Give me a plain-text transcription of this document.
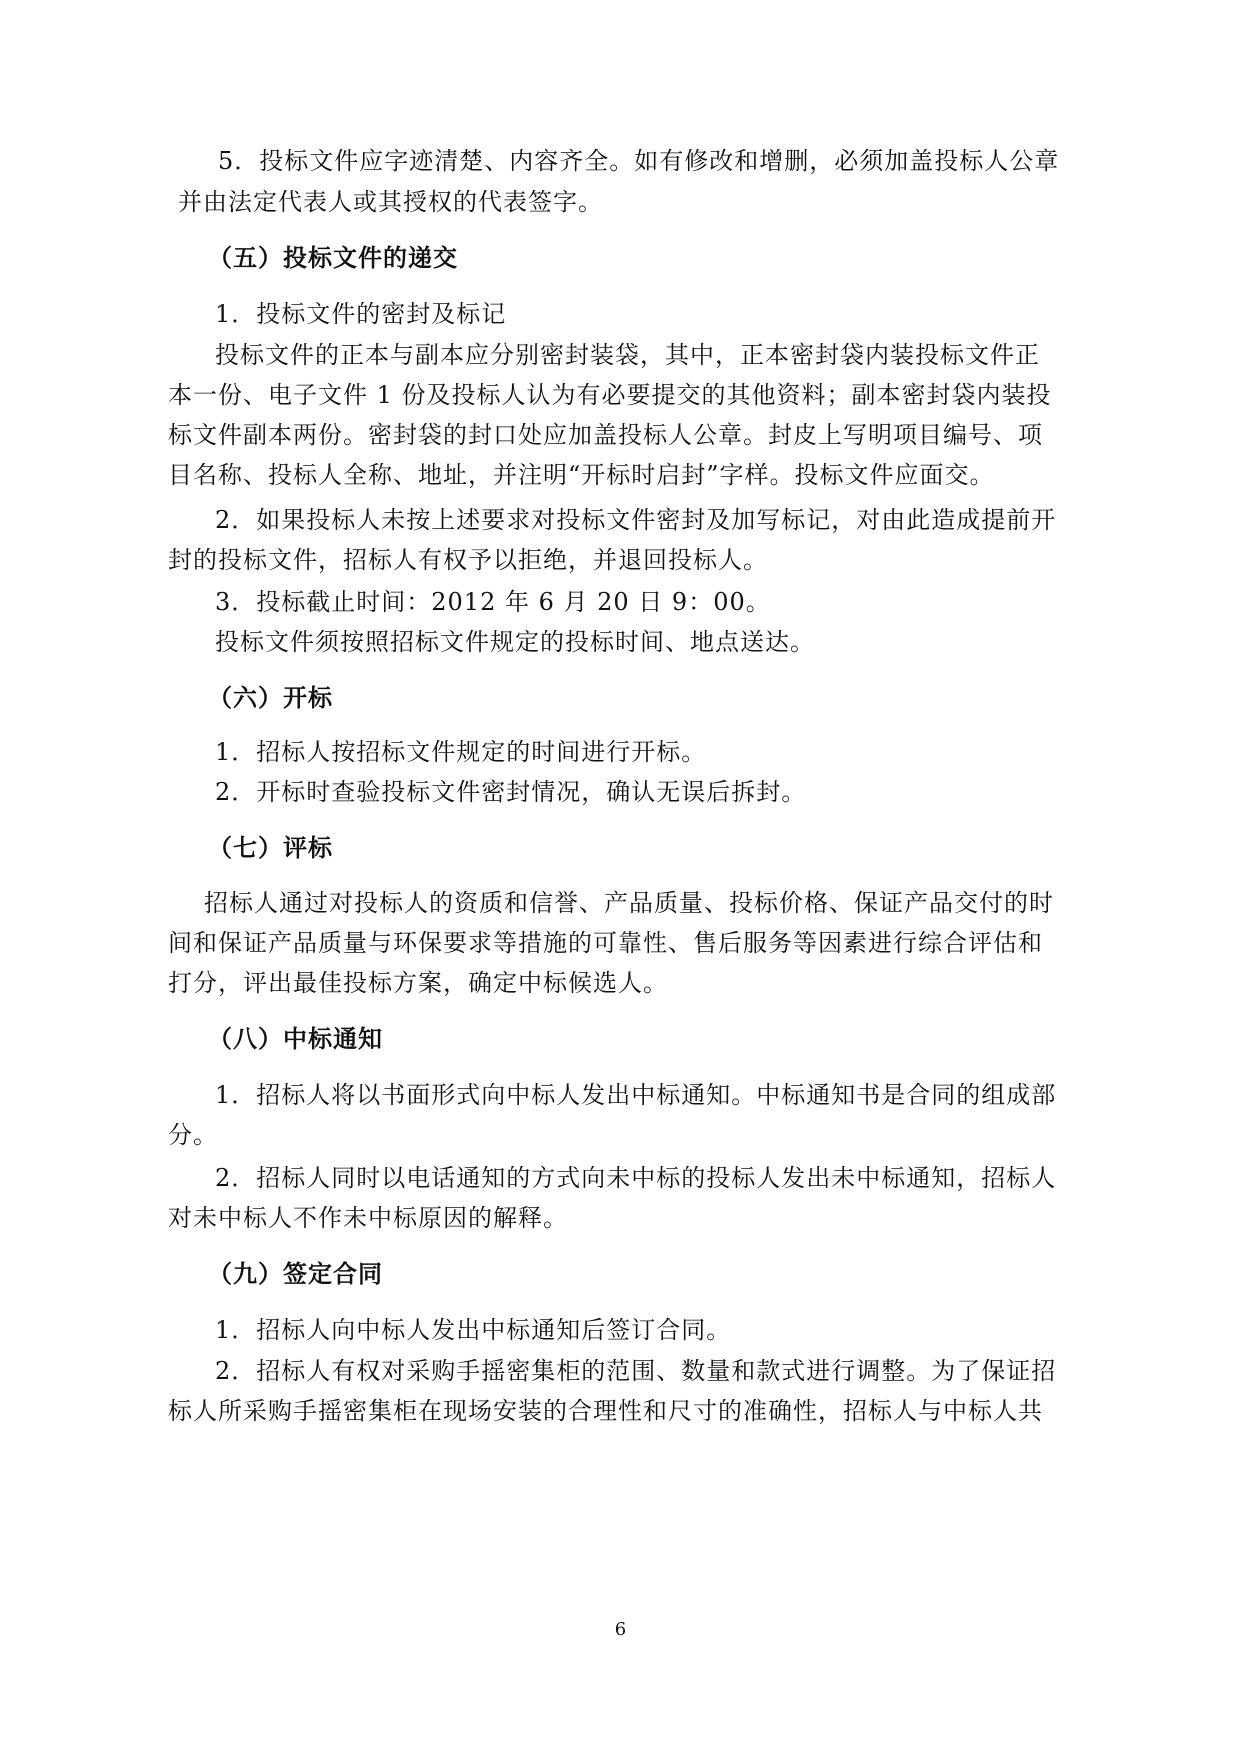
5．投标文件应字迹清楚、内容齐全。如有修改和增删，必须加盖投标人公章
并由法定代表人或其授权的代表签字。
（五）投标文件的递交
1．投标文件的密封及标记
投标文件的正本与副本应分别密封装袋，其中，正本密封袋内装投标文件正
本一份、电子文件 1 份及投标人认为有必要提交的其他资料；副本密封袋内装投
标文件副本两份。密封袋的封口处应加盖投标人公章。封皮上写明项目编号、项
目名称、投标人全称、地址，并注明“开标时启封”字样。投标文件应面交。
2．如果投标人未按上述要求对投标文件密封及加写标记，对由此造成提前开
封的投标文件，招标人有权予以拒绝，并退回投标人。
3．投标截止时间：2012 年 6 月 20 日 9：00。
投标文件须按照招标文件规定的投标时间、地点送达。
（六）开标
1．招标人按招标文件规定的时间进行开标。
2．开标时查验投标文件密封情况，确认无误后拆封。
（七）评标
招标人通过对投标人的资质和信誉、产品质量、投标价格、保证产品交付的时
间和保证产品质量与环保要求等措施的可靠性、售后服务等因素进行综合评估和
打分，评出最佳投标方案，确定中标候选人。
（八）中标通知
1．招标人将以书面形式向中标人发出中标通知。中标通知书是合同的组成部
分。
2．招标人同时以电话通知的方式向未中标的投标人发出未中标通知，招标人
对未中标人不作未中标原因的解释。
（九）签定合同
1．招标人向中标人发出中标通知后签订合同。
2．招标人有权对采购手摇密集柜的范围、数量和款式进行调整。为了保证招
标人所采购手摇密集柜在现场安装的合理性和尺寸的准确性，招标人与中标人共
6
